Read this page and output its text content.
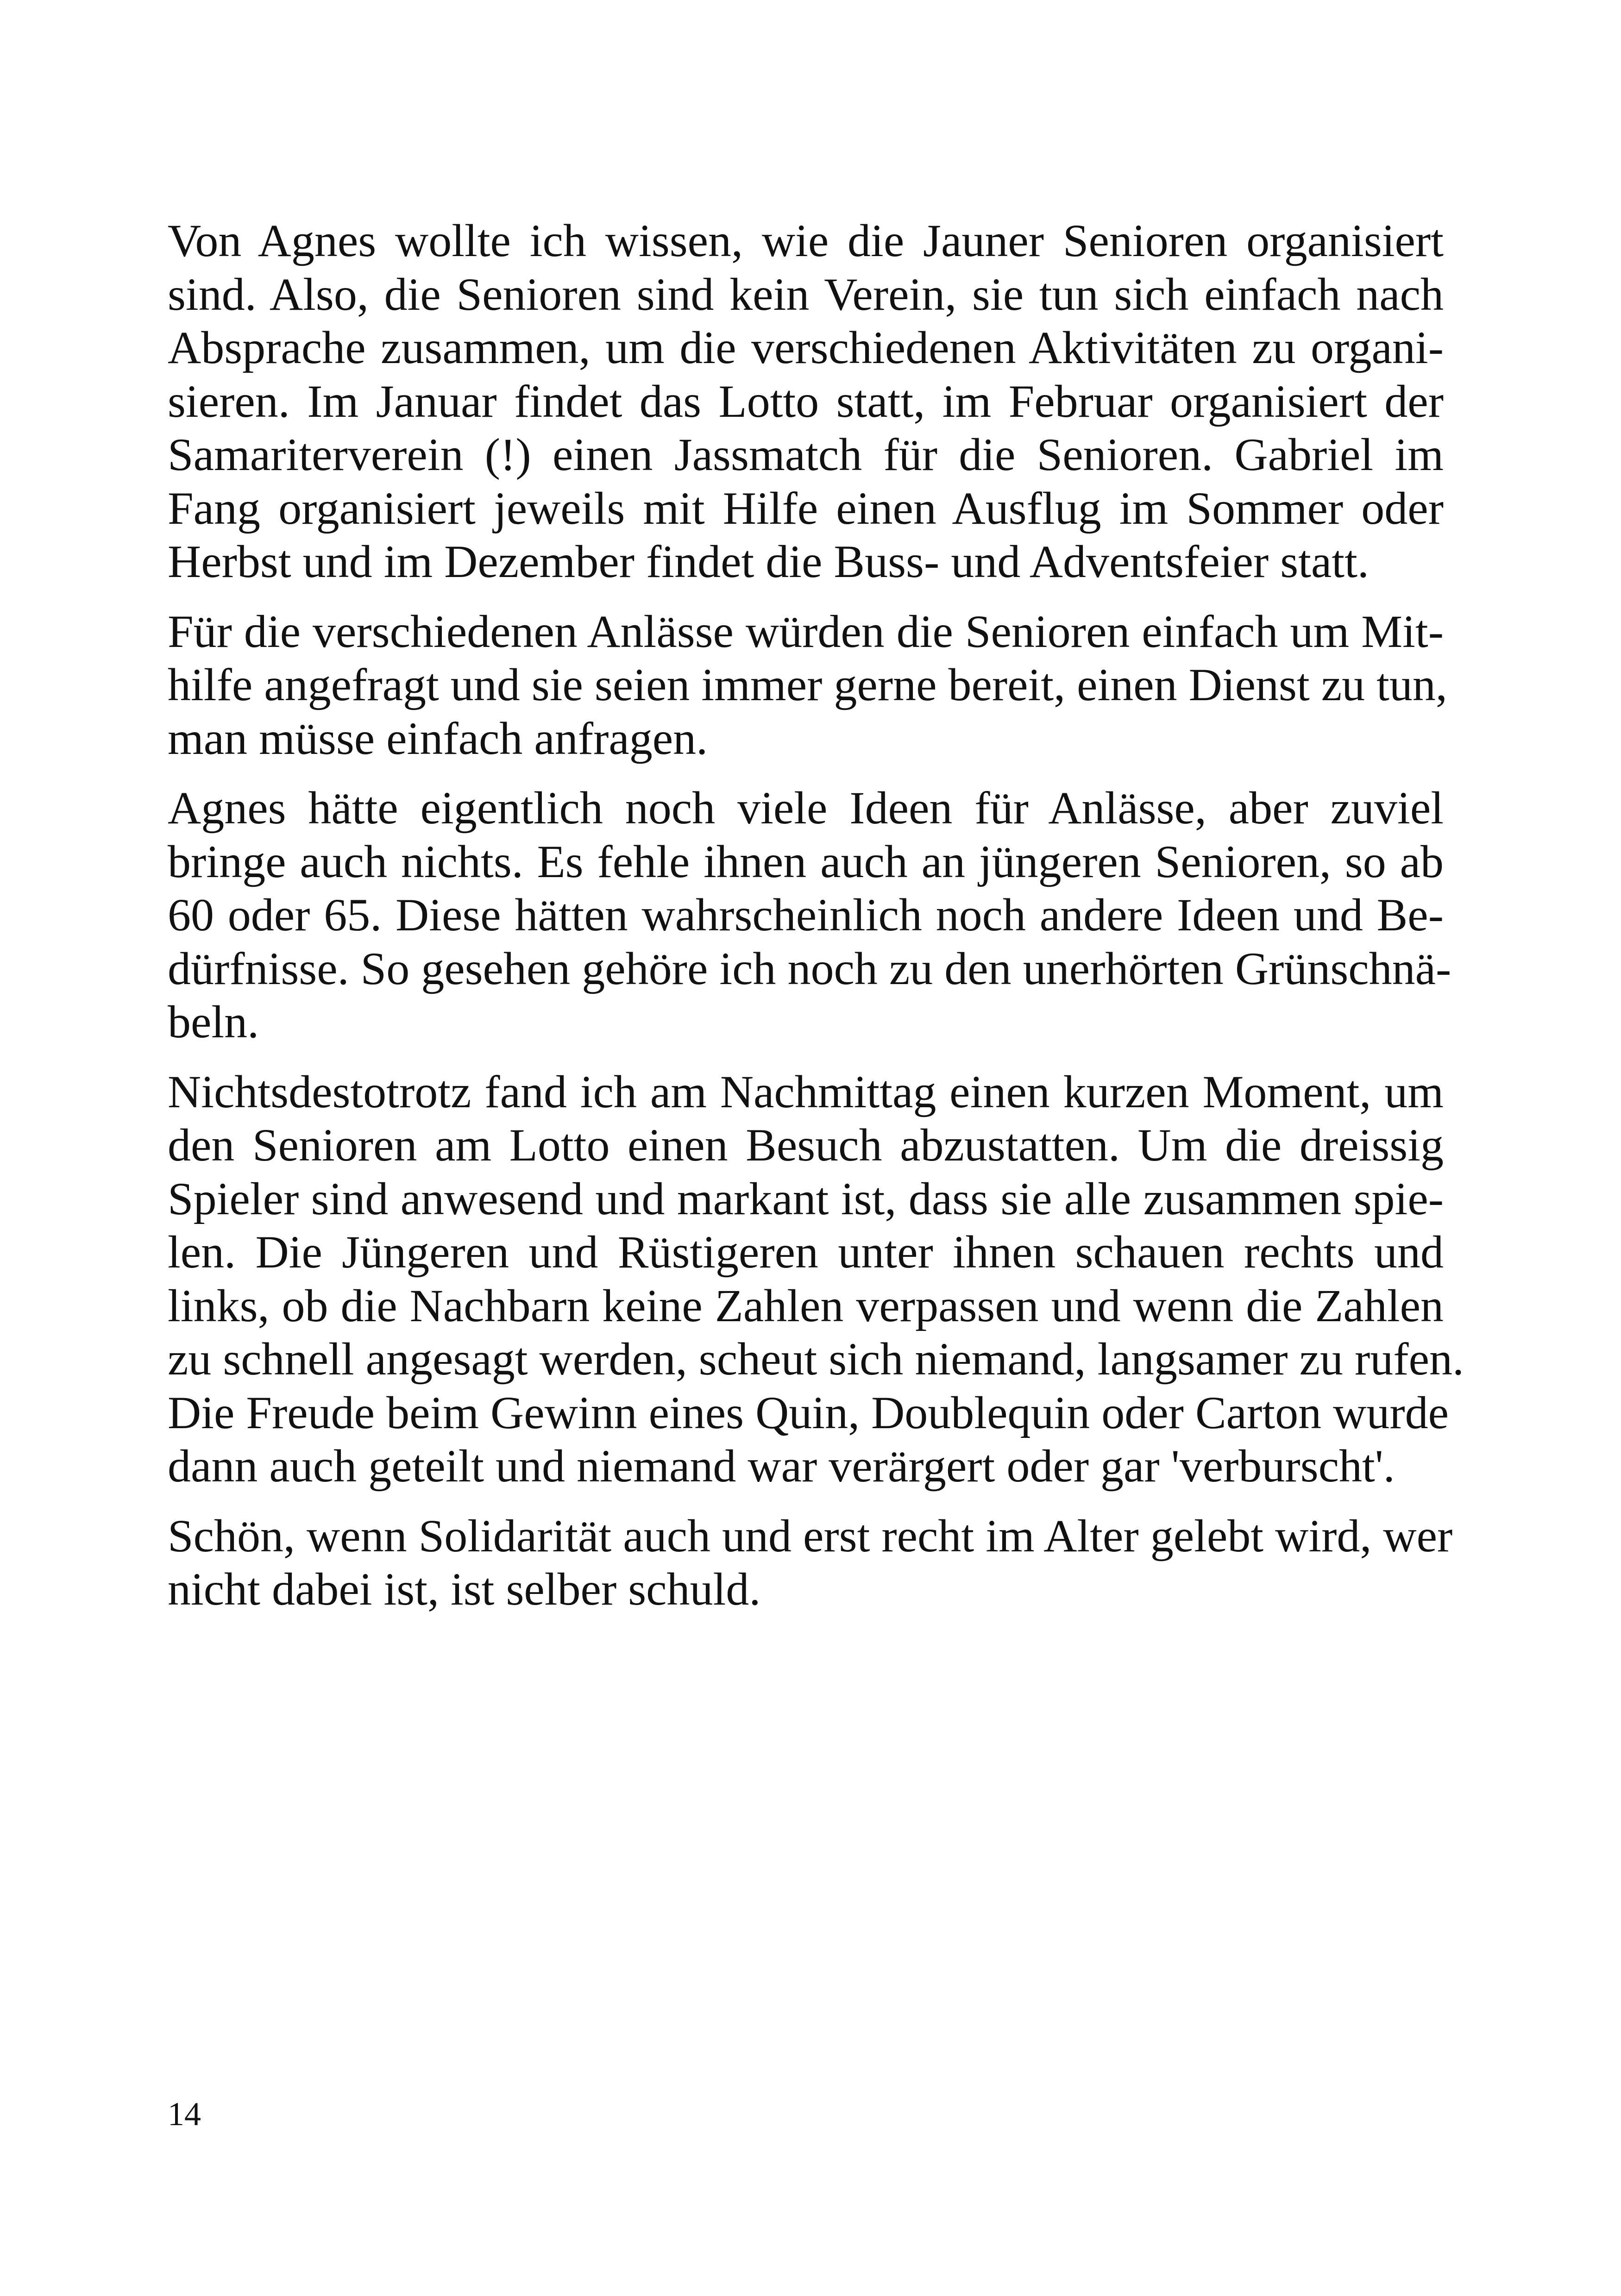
Von Agnes wollte ich wissen, wie die Jauner Senioren organisiert
sind. Also, die Senioren sind kein Verein, sie tun sich einfach nach
Absprache zusammen, um die verschiedenen Aktivitäten zu organi-
sieren. Im Januar findet das Lotto statt, im Februar organisiert der
Samariterverein (!) einen Jassmatch für die Senioren. Gabriel im
Fang organisiert jeweils mit Hilfe einen Ausflug im Sommer oder
Herbst und im Dezember findet die Buss- und Adventsfeier statt.

Für die verschiedenen Anlässe würden die Senioren einfach um Mit-
hilfe angefragt und sie seien immer gerne bereit, einen Dienst zu tun,
man müsse einfach anfragen.

Agnes hätte eigentlich noch viele Ideen für Anlässe, aber zuviel
bringe auch nichts. Es fehle ihnen auch an jüngeren Senioren, so ab
60 oder 65. Diese hätten wahrscheinlich noch andere Ideen und Be-
dürfnisse. So gesehen gehöre ich noch zu den unerhörten Grünschnä-
beln.

Nichtsdestotrotz fand ich am Nachmittag einen kurzen Moment, um
den Senioren am Lotto einen Besuch abzustatten. Um die dreissig
Spieler sind anwesend und markant ist, dass sie alle zusammen spie-
len. Die Jüngeren und Rüstigeren unter ihnen schauen rechts und
links, ob die Nachbarn keine Zahlen verpassen und wenn die Zahlen
zu schnell angesagt werden, scheut sich niemand, langsamer zu rufen.
Die Freude beim Gewinn eines Quin, Doublequin oder Carton wurde
dann auch geteilt und niemand war verärgert oder gar 'verburscht'.

Schön, wenn Solidarität auch und erst recht im Alter gelebt wird, wer
nicht dabei ist, ist selber schuld.

14
